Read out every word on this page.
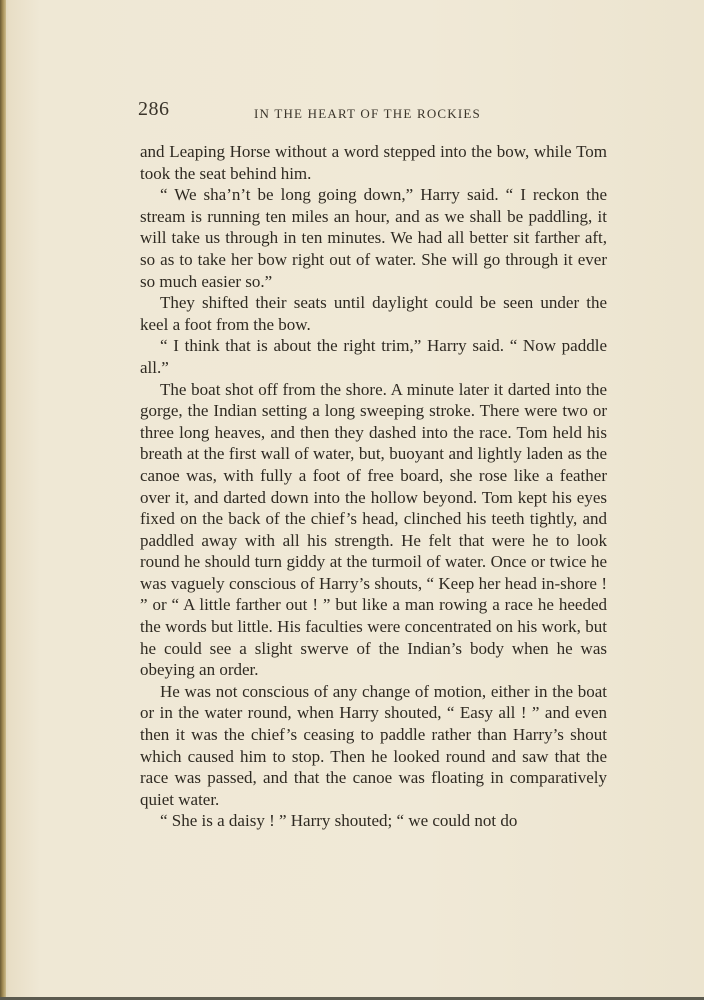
286	IN THE HEART OF THE ROCKIES

and Leaping Horse without a word stepped into the bow, while Tom took the seat behind him.

“ We sha’n’t be long going down,” Harry said. “ I reckon the stream is running ten miles an hour, and as we shall be paddling, it will take us through in ten minutes. We had all better sit farther aft, so as to take her bow right out of water. She will go through it ever so much easier so.”

They shifted their seats until daylight could be seen under the keel a foot from the bow.

“ I think that is about the right trim,” Harry said. “ Now paddle all.”

The boat shot off from the shore. A minute later it darted into the gorge, the Indian setting a long sweeping stroke. There were two or three long heaves, and then they dashed into the race. Tom held his breath at the first wall of water, but, buoyant and lightly laden as the canoe was, with fully a foot of free board, she rose like a feather over it, and darted down into the hollow beyond. Tom kept his eyes fixed on the back of the chief’s head, clinched his teeth tightly, and paddled away with all his strength. He felt that were he to look round he should turn giddy at the turmoil of water. Once or twice he was vaguely conscious of Harry’s shouts, “ Keep her head in-shore ! ” or “ A little farther out ! ” but like a man rowing a race he heeded the words but little. His faculties were concentrated on his work, but he could see a slight swerve of the Indian’s body when he was obeying an order.

He was not conscious of any change of motion, either in the boat or in the water round, when Harry shouted, “ Easy all ! ” and even then it was the chief’s ceasing to paddle rather than Harry’s shout which caused him to stop. Then he looked round and saw that the race was passed, and that the canoe was floating in comparatively quiet water.

“ She is a daisy ! ” Harry shouted; “ we could not do
